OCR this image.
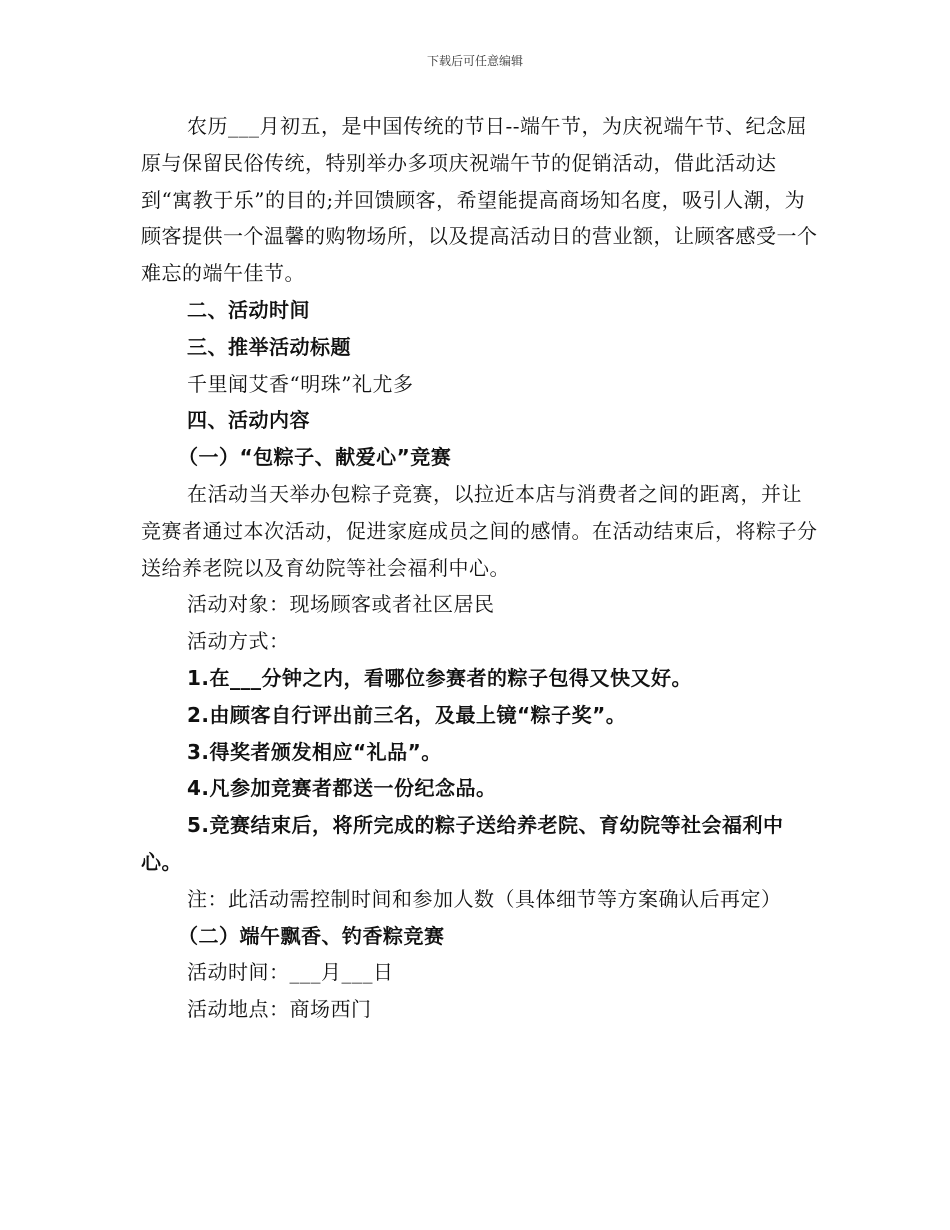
下载后可任意编辑

农历___月初五，是中国传统的节日--端午节，为庆祝端午节、纪念屈原与保留民俗传统，特别举办多项庆祝端午节的促销活动，借此活动达到“寓教于乐”的目的;并回馈顾客，希望能提高商场知名度，吸引人潮，为顾客提供一个温馨的购物场所，以及提高活动日的营业额，让顾客感受一个难忘的端午佳节。

二、活动时间

三、推举活动标题

千里闻艾香“明珠”礼尤多

四、活动内容

（一）“包粽子、献爱心”竞赛

在活动当天举办包粽子竞赛，以拉近本店与消费者之间的距离，并让竞赛者通过本次活动，促进家庭成员之间的感情。在活动结束后，将粽子分送给养老院以及育幼院等社会福利中心。

活动对象：现场顾客或者社区居民

活动方式：

1.在___分钟之内，看哪位参赛者的粽子包得又快又好。

2.由顾客自行评出前三名，及最上镜“粽子奖”。

3.得奖者颁发相应“礼品”。

4.凡参加竞赛者都送一份纪念品。

5.竞赛结束后，将所完成的粽子送给养老院、育幼院等社会福利中心。

注：此活动需控制时间和参加人数（具体细节等方案确认后再定）

（二）端午飘香、钓香粽竞赛

活动时间：___月___日

活动地点：商场西门
